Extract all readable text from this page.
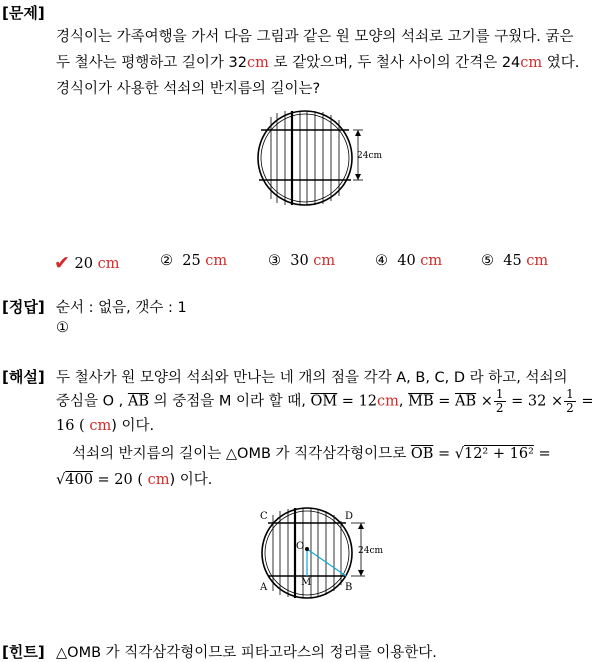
[문제]
경식이는 가족여행을 가서 다음 그림과 같은 원 모양의 석쇠로 고기를 구웠다. 굵은
두 철사는 평행하고 길이가 32cm 로 같았으며, 두 철사 사이의 간격은 24cm 였다.
경식이가 사용한 석쇠의 반지름의 길이는?
24cm
✔ 20 cm	② 25 cm	③ 30 cm	④ 40 cm	⑤ 45 cm
[정답] 순서 : 없음, 갯수 : 1
①
[해설] 두 철사가 원 모양의 석쇠와 만나는 네 개의 점을 각각 A, B, C, D 라 하고, 석쇠의
중심을 O , $\overline{AB}$ 의 중점을 M 이라 할 때, $\overline{OM} = 12cm$, $\overline{MB} = \overline{AB} \times \frac{1}{2} = 32 \times \frac{1}{2}$ =
16 ( cm) 이다.
석쇠의 반지름의 길이는 △OMB 가 직각삼각형이므로 $\overline{OB} = √12^2 + 16^2$ =
√400 = 20 ( cm) 이다.
C	D
O
A	M	B
24cm
[힌트] △OMB 가 직각삼각형이므로 피타고라스의 정리를 이용한다.
